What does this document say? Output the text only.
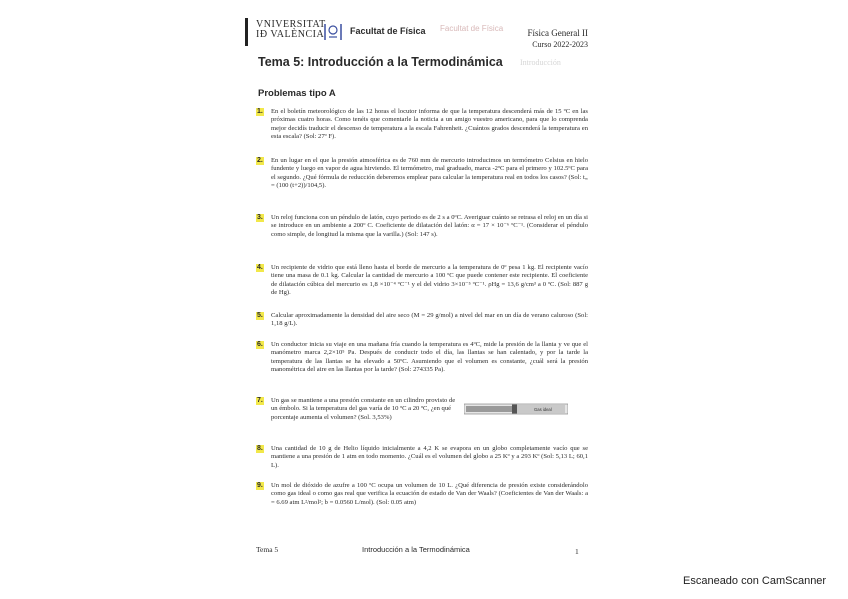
VNIVERSITAT
IÐ VALÈNCIA	Facultat de Física Facultat de Física	Física General II
Curso 2022-2023
Tema 5: Introducción a la Termodinámica Introducción
Problemas tipo A
1.	En el boletín meteorológico de las 12 horas el locutor informa de que la temperatura descenderá más de 15 ºC en las próximas cuatro horas. Como tenéis que comentarle la noticia a un amigo vuestro americano, para que lo comprenda mejor decidís traducir el descenso de temperatura a la escala Fahrenheit. ¿Cuántos grados descenderá la temperatura en esta escala? (Sol: 27º F).
2.	En un lugar en el que la presión atmosférica es de 760 mm de mercurio introducimos un termómetro Celsius en hielo fundente y luego en vapor de agua hirviendo. El termómetro, mal graduado, marca -2ºC para el primero y 102.5ºC para el segundo. ¿Qué fórmula de reducción deberemos emplear para calcular la temperatura real en todos los casos? (Sol: tᵣₑ = (100 (t+2))/104,5).
3.	Un reloj funciona con un péndulo de latón, cuyo periodo es de 2 s a 0ºC. Averiguar cuánto se retrasa el reloj en un día si se introduce en un ambiente a 200º C. Coeficiente de dilatación del latón: α = 17 × 10⁻⁶ ºC⁻¹. (Considerar el péndulo como simple, de longitud la misma que la varilla.) (Sol: 147 s).
4.	Un recipiente de vidrio que está lleno hasta el borde de mercurio a la temperatura de 0º pesa 1 kg. El recipiente vacío tiene una masa de 0.1 kg. Calcular la cantidad de mercurio a 100 ºC que puede contener este recipiente. El coeficiente de dilatación cúbica del mercurio es 1,8 ×10⁻⁴ ºC⁻¹ y el del vidrio 3×10⁻⁵ ºC⁻¹. ρHg = 13,6 g/cm³ a 0 ºC. (Sol: 887 g de Hg).
5.	Calcular aproximadamente la densidad del aire seco (M = 29 g/mol) a nivel del mar en un día de verano caluroso (Sol: 1,18 g/L).
6.	Un conductor inicia su viaje en una mañana fría cuando la temperatura es 4ºC, mide la presión de la llanta y ve que el manómetro marca 2,2×10⁵ Pa. Después de conducir todo el día, las llantas se han calentado, y por la tarde la temperatura de las llantas se ha elevado a 50ºC. Asumiendo que el volumen es constante, ¿cuál será la presión manométrica del aire en las llantas por la tarde? (Sol: 274335 Pa).
7.	Un gas se mantiene a una presión constante en un cilindro provisto de un émbolo. Si la temperatura del gas varía de 10 ºC a 20 ºC, ¿en qué porcentaje aumenta el volumen? (Sol. 3,53%)
Gas ideal
8.	Una cantidad de 10 g de Helio líquido inicialmente a 4,2 K se evapora en un globo completamente vacío que se mantiene a una presión de 1 atm en todo momento. ¿Cuál es el volumen del globo a 25 Kº y a 293 Kº (Sol: 5,13 L; 60,1 L).
9.	Un mol de dióxido de azufre a 100 ºC ocupa un volumen de 10 L. ¿Qué diferencia de presión existe considerándolo como gas ideal o como gas real que verifica la ecuación de estado de Van der Waals? (Coeficientes de Van der Waals: a = 6.69 atm L²/mol²; b = 0.0560 L/mol). (Sol: 0.05 atm)
Tema 5	Introducción a la Termodinámica	1
Escaneado con CamScanner
